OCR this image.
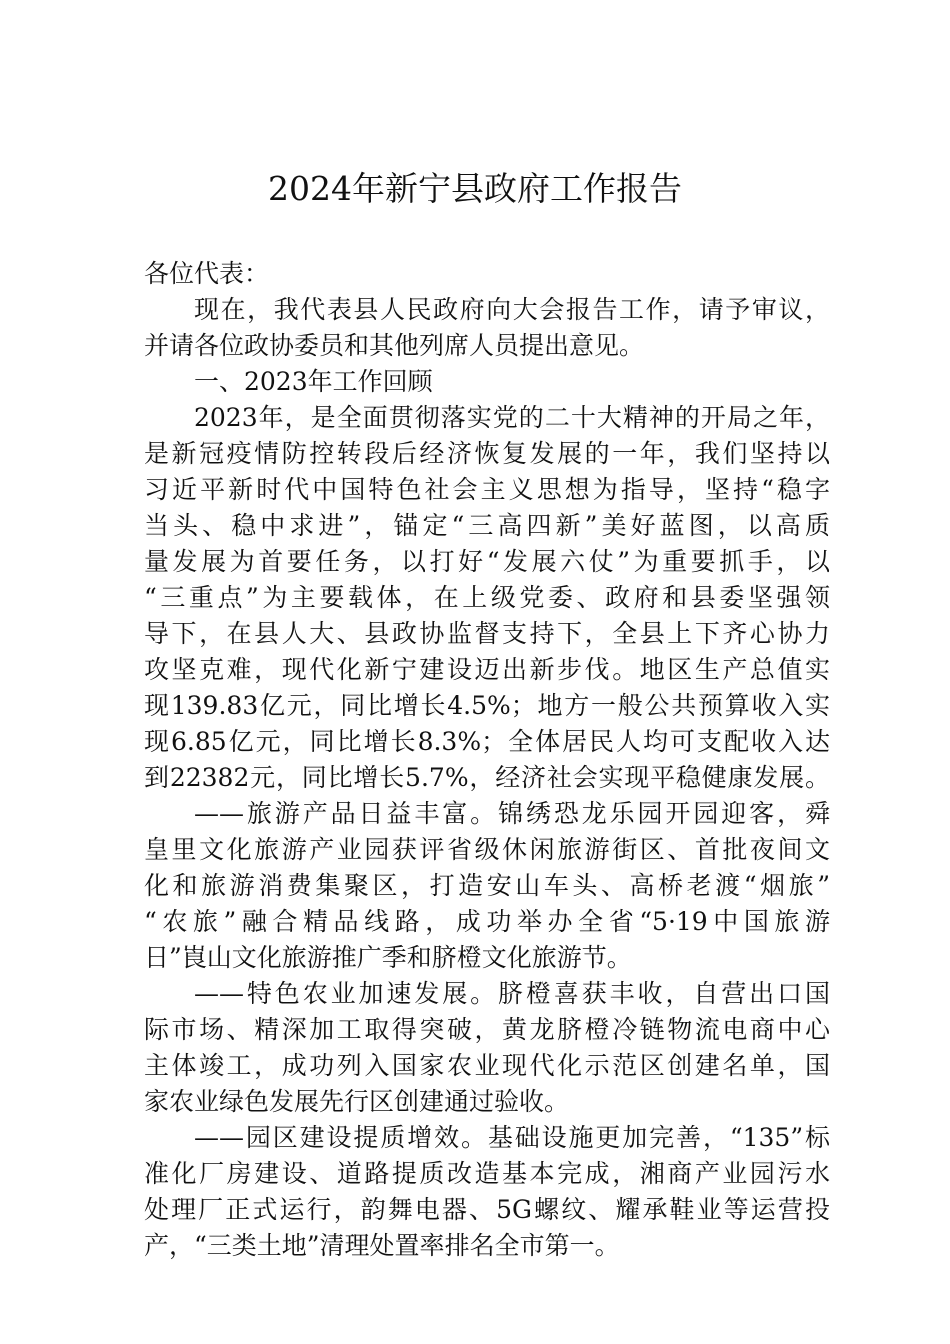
2024年新宁县政府工作报告
各位代表：
现在，我代表县人民政府向大会报告工作，请予审议，
并请各位政协委员和其他列席人员提出意见。
一、2023年工作回顾
2023年，是全面贯彻落实党的二十大精神的开局之年，
是新冠疫情防控转段后经济恢复发展的一年，我们坚持以
习近平新时代中国特色社会主义思想为指导，坚持“稳字
当头、稳中求进”，锚定“三高四新”美好蓝图，以高质
量发展为首要任务，以打好“发展六仗”为重要抓手，以
“三重点”为主要载体，在上级党委、政府和县委坚强领
导下，在县人大、县政协监督支持下，全县上下齐心协力
攻坚克难，现代化新宁建设迈出新步伐。地区生产总值实
现139.83亿元，同比增长4.5%；地方一般公共预算收入实
现6.85亿元，同比增长8.3%；全体居民人均可支配收入达
到22382元，同比增长5.7%，经济社会实现平稳健康发展。
——旅游产品日益丰富。锦绣恐龙乐园开园迎客，舜
皇里文化旅游产业园获评省级休闲旅游街区、首批夜间文
化和旅游消费集聚区，打造安山车头、高桥老渡“烟旅”
“农旅”融合精品线路，成功举办全省“5·19中国旅游
日”崀山文化旅游推广季和脐橙文化旅游节。
——特色农业加速发展。脐橙喜获丰收，自营出口国
际市场、精深加工取得突破，黄龙脐橙冷链物流电商中心
主体竣工，成功列入国家农业现代化示范区创建名单，国
家农业绿色发展先行区创建通过验收。
——园区建设提质增效。基础设施更加完善，“135”标
准化厂房建设、道路提质改造基本完成，湘商产业园污水
处理厂正式运行，韵舞电器、5G螺纹、耀承鞋业等运营投
产，“三类土地”清理处置率排名全市第一。
